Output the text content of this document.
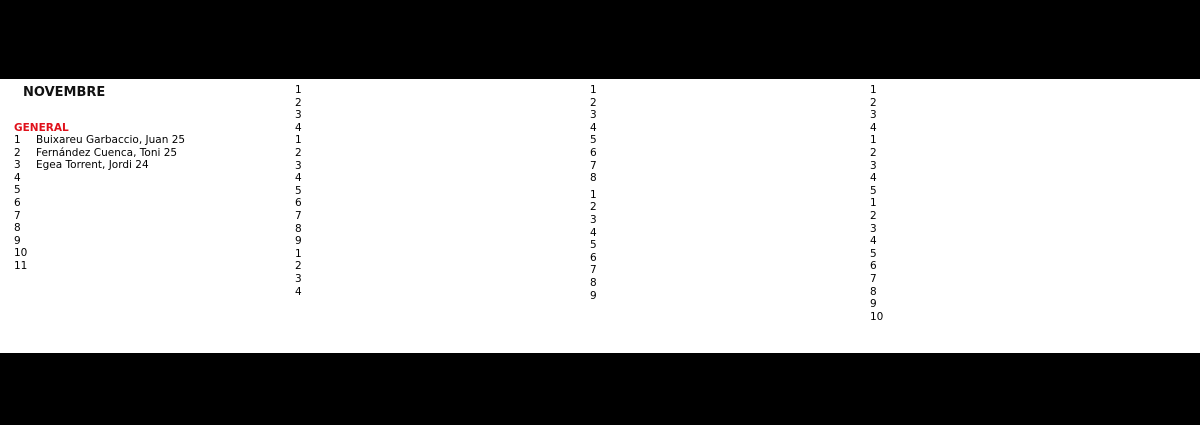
NOVEMBRE
GENERAL
1 Buixareu Garbaccio, Juan 25
2 Fernández Cuenca, Toni 25
3 Egea Torrent, Jordi 24
4
5
6
7
8
9
10
11
1
2
3
4
1
2
3
4
5
6
7
8
9
1
2
3
4
1
2
3
4
5
6
7
8
1
2
3
4
5
6
7
8
9
1
2
3
4
1
2
3
4
5
1
2
3
4
5
6
7
8
9
10
